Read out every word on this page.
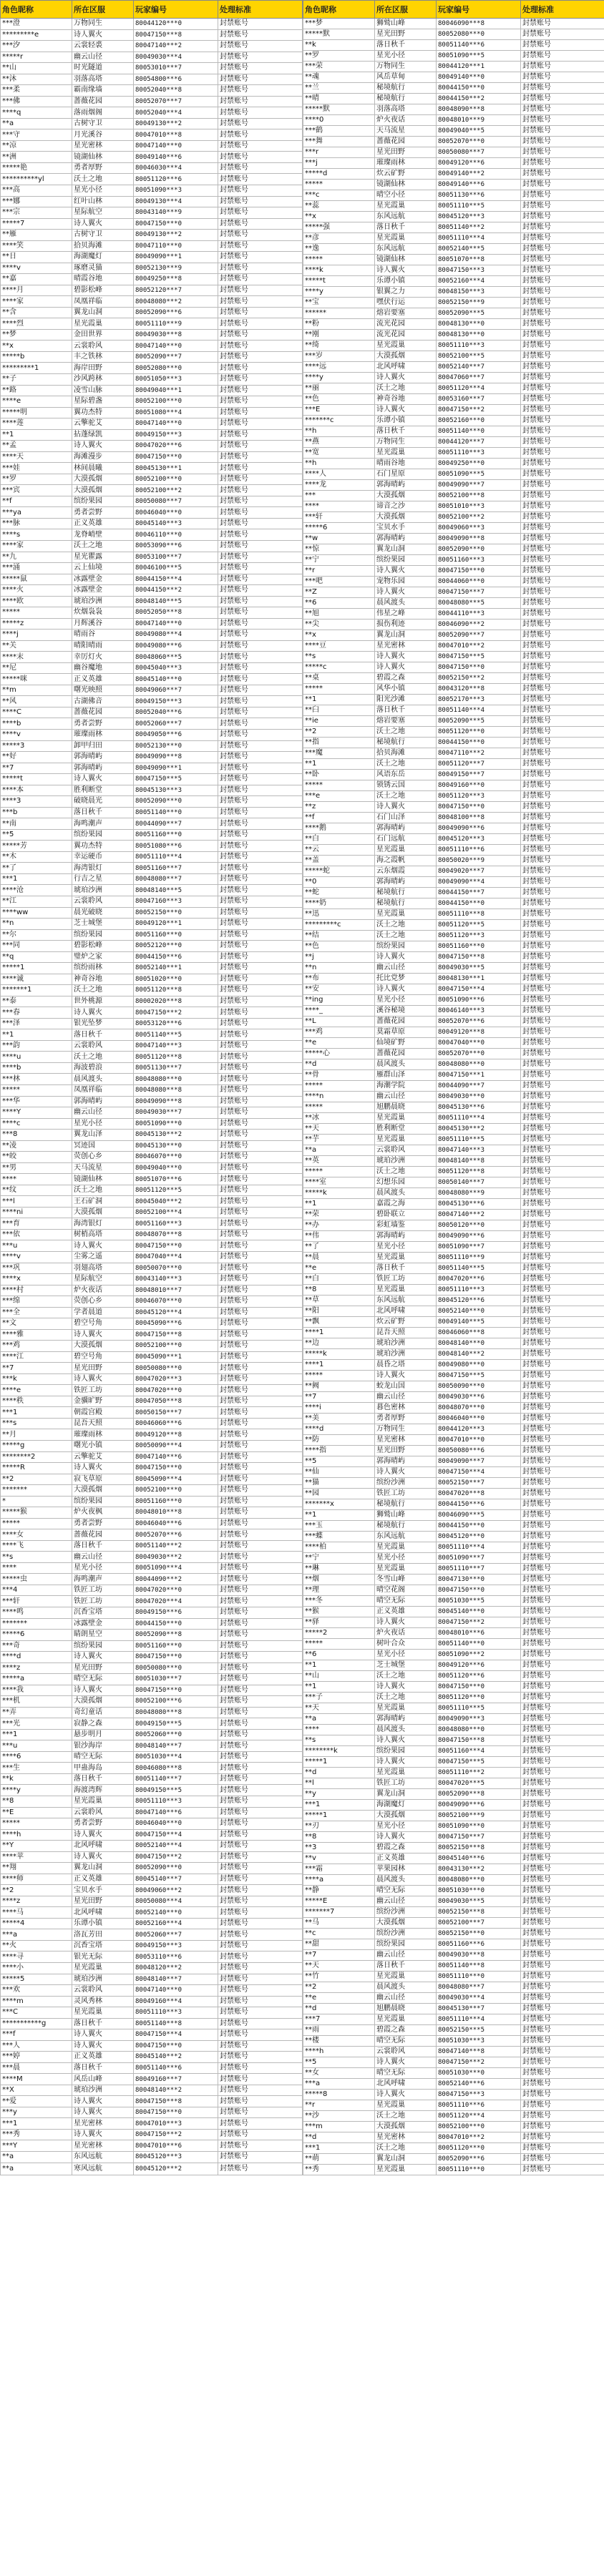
角色昵称	所在区服	玩家编号	处理标准
***澄	万物同生	80044120***0	封禁账号
*********e	诗人翼火	80047150***8	封禁账号
***汐	云裳轻裘	80047140***2	封禁账号
*****r	幽云山径	80049030***4	封禁账号
**山	时光隧道	80053010***7	封禁账号
**沐	羽落高塔	80054800***6	封禁账号
***柔	霸南缘墙	80052040***8	封禁账号
***佛	蔷薇花园	80052070***7	封禁账号
****q	落雨烟阁	80052040***4	封禁账号
**a	古树守卫	80049130***2	封禁账号
***守	月光溪谷	80047010***8	封禁账号
**凉	星光密林	80047140***0	封禁账号
**洲	镜湖仙林	80049140***6	封禁账号
*****艳	勇者厚野	80046030***4	封禁账号
**********yl	沃土之地	80051120***6	封禁账号
***高	星光小径	80051090***3	封禁账号
***娜	红叶山林	80049130***4	封禁账号
***宗	星际航空	80043140***9	封禁账号
*****7	诗人翼火	80047150***0	封禁账号
**雁	古树守卫	80049130***2	封禁账号
****笑	拾贝海滩	80047110***0	封禁账号
**日	海湖魔灯	80049090***1	封禁账号
****v	琢磨灵猫	80052130***9	封禁账号
**嘉	晴霞谷地	80049250***8	封禁账号
****月	碧影松峰	80052120***7	封禁账号
****家	凤凰祥临	80048080***2	封禁账号
**含	翼龙山洞	80052090***6	封禁账号
****烈	星光霞巢	80051110***9	封禁账号
**梦	金田世界	80049030***8	封禁账号
**x	云裳聆风	80047140***0	封禁账号
*****b	丰之铁林	80052090***7	封禁账号
*********1	海岸田野	80052080***0	封禁账号
**子	沙风跨林	80051050***3	封禁账号
**路	凌雪山脉	80049040***1	封禁账号
****e	星际碧盏	80052100***0	封禁账号
*****明	翼功杰特	80051080***4	封禁账号
****莲	云擎驼艾	80047140***0	封禁账号
**1	拈蓬绿凯	80049150***3	封禁账号
**孟	诗人翼火	80047020***6	封禁账号
****天	海滩漫步	80047150***0	封禁账号
***娃	林间晨曦	80045130***1	封禁账号
**罗	大漠孤烟	80052100***0	封禁账号
***宾	大漠孤烟	80052100***2	封禁账号
**f	缤纷果园	80050080***7	封禁账号
***ya	勇者尝野	80046040***0	封禁账号
***脉	正义英雄	80045140***3	封禁账号
****s	龙脊峭壁	80046110***0	封禁账号
****家	沃土之地	80053090***6	封禁账号
**九	星光瞿露	80053100***7	封禁账号
***涌	云上仙境	80046100***5	封禁账号
*****鼠	冰露壁金	80044150***4	封禁账号
****火	冰露壁金	80044150***2	封禁账号
****欧	琥珀沙洲	80048140***5	封禁账号
*****	炊烟袅袅	80052050***8	封禁账号
*****z	月辉溪谷	80047140***0	封禁账号
****j	晴雨谷	80049080***4	封禁账号
**关	晴阳晴雨	80049080***6	封禁账号
****末	幸厉灯火	80048060***5	封禁账号
**尼	幽谷魔地	80045040***3	封禁账号
*****咪	正义英雄	80045140***0	封禁账号
**m	曙光映照	80049060***7	封禁账号
**风	古湖佛音	80049150***3	封禁账号
****C	蔷薇花园	80052040***6	封禁账号
****b	勇者尝野	80052060***7	封禁账号
****v	璀璨雨林	80049050***6	封禁账号
*****3	卸甲归田	80052130***0	封禁账号
**好	郭海晴屿	80049090***8	封禁账号
**7	郭海晴屿	80049090***1	封禁账号
*****t	诗人翼火	80047150***5	封禁账号
****本	胜利断堂	80045130***3	封禁账号
****3	破晓晨光	80052090***0	封禁账号
***b	落日秋千	80051140***0	封禁账号
**南	海鸣潮声	80044090***7	封禁账号
**5	缤纷果园	80051160***0	封禁账号
*****芳	翼功杰特	80051080***6	封禁账号
**木	幸运硬币	80051110***4	封禁账号
**了	海湾银灯	80051160***7	封禁账号
***1	行吉之星	80048080***7	封禁账号
****沧	琥珀沙洲	80048140***5	封禁账号
**江	云裳聆风	80047160***3	封禁账号
****ww	晨光破晓	80052150***0	封禁账号
**n	芝士城堡	80049120***1	封禁账号
**尔	缤纷果园	80051160***0	封禁账号
***同	碧影松峰	80052120***0	封禁账号
**q	璧炉之家	80044150***6	封禁账号
*****1	缤纷雨林	80052140***1	封禁账号
****诚	神奇谷地	80051020***0	封禁账号
*******1	沃土之地	80051120***8	封禁账号
**泰	世外桃源	80002020***8	封禁账号
***春	诗人翼火	80047150***2	封禁账号
***泽	银光坠梦	80053120***6	封禁账号
**1	落日秋千	80051140***5	封禁账号
***韵	云裳聆风	80047140***3	封禁账号
****u	沃土之地	80051120***8	封禁账号
****b	海波碧浪	80051130***7	封禁账号
***林	晨风渡头	80048080***0	封禁账号
*****	凤凰祥临	80048080***8	封禁账号
***华	郭海晴屿	80049090***8	封禁账号
****Y	幽云山径	80049030***7	封禁账号
****c	星光小径	80051090***0	封禁账号
***8	翼龙山泽	80045130***2	封禁账号
**凌	冥迹国	80045130***0	封禁账号
**皎	荧创心乡	80046070***0	封禁账号
**男	天马流星	80049040***0	封禁账号
****	镜湖仙林	80051070***6	封禁账号
**纹	沃土之地	80051120***5	封禁账号
***l	王石矿洞	80045040***2	封禁账号
****ni	大漠孤烟	80052100***4	封禁账号
***育	海湾银灯	80051160***3	封禁账号
***依	树梢高塔	80048070***8	封禁账号
***u	诗人翼火	80047150***0	封禁账号
****v	尘雾之遥	80047040***4	封禁账号
***巩	羽翅高塔	80050070***0	封禁账号
****x	星际航空	80043140***3	封禁账号
****村	炉火夜话	80048010***7	封禁账号
***绵	荧创心乡	80046070***0	封禁账号
***全	学者晨道	80045120***4	封禁账号
**文	碧空号角	80045090***6	封禁账号
****雅	诗人翼火	80047150***8	封禁账号
***鸡	大漠孤烟	80052100***0	封禁账号
****江	碧空号角	80045090***1	封禁账号
**7	星光田野	80050080***0	封禁账号
***k	诗人翼火	80047020***3	封禁账号
****e	铁匠工坊	80047020***0	封禁账号
****秩	金骥旷野	80047050***8	封禁账号
***1	朝霞宫殿	80050150***7	封禁账号
***s	昆吾天照	80046060***6	封禁账号
**月	璀璨雨林	80049120***8	封禁账号
*****g	曙光小镇	80050090***4	封禁账号
********2	云擎驼艾	80047140***6	封禁账号
*****R	诗人翼火	80047150***0	封禁账号
**2	寂飞草原	80045090***4	封禁账号
*******	大漠孤烟	80052100***0	封禁账号
*	缤纷果园	80051160***0	封禁账号
*****猴	炉火夜枫	80048010***8	封禁账号
*****	勇者尝野	80046040***6	封禁账号
****女	蔷薇花园	80052070***6	封禁账号
****飞	落日秋千	80051140***2	封禁账号
**s	幽云山径	80049030***2	封禁账号
****	星光小径	80051090***4	封禁账号
*****虫	海鸣潮声	80044090***2	封禁账号
***4	铁匠工坊	80047020***0	封禁账号
***轩	铁匠工坊	80047020***4	封禁账号
****鸣	沉香宝塔	80049150***6	封禁账号
*******	冰露壁金	80044150***0	封禁账号
*****6	睛朗星空	80052090***8	封禁账号
***奇	缤纷果园	80051160***0	封禁账号
****d	诗人翼火	80047150***0	封禁账号
****z	星光田野	80050080***0	封禁账号
*****a	晴空无际	80051030***7	封禁账号
****我	诗人翼火	80047150***0	封禁账号
***机	大漠孤烟	80052100***6	封禁账号
**弄	奇幻童话	80048080***8	封禁账号
***光	寂静之森	80049150***5	封禁账号
***1	悬步明月	80052060***0	封禁账号
***u	银沙海岸	80048140***7	封禁账号
****6	晴空无际	80051030***4	封禁账号
***生	甲蛊海岛	80046080***8	封禁账号
**k	落日秋千	80051140***7	封禁账号
****y	海渡湾辉	80049150***5	封禁账号
**8	星光霞巢	80051110***3	封禁账号
**E	云裳聆风	80047140***6	封禁账号
*****	勇者尝野	80046040***0	封禁账号
****h	诗人翼火	80047150***4	封禁账号
**Y	北风呼啸	80052140***4	封禁账号
****苹	诗人翼火	80047150***2	封禁账号
**翔	翼龙山洞	80052090***0	封禁账号
****师	正义英雄	80045140***7	封禁账号
**2	宝贝水手	80049060***2	封禁账号
****z	星光田野	80050080***4	封禁账号
****马	北风呼啸	80052140***0	封禁账号
*****4	乐谭小镇	80052160***4	封禁账号
***a	洛瓦芳田	80052060***7	封禁账号
**火	沉香宝塔	80049150***3	封禁账号
****寻	银光无际	80053110***6	封禁账号
****小	星光霞巢	80048120***2	封禁账号
*****5	琥珀沙洲	80048140***7	封禁账号
***欢	云裳聆风	80047140***0	封禁账号
****m	灵风秀林	80049160***4	封禁账号
***C	星光霞巢	80051110***3	封禁账号
***********g	落日秋千	80051140***8	封禁账号
***f	诗人翼火	80047150***4	封禁账号
***人	诗人翼火	80047150***0	封禁账号
***婷	正义英雄	80045140***2	封禁账号
***晨	落日秋千	80051140***6	封禁账号
****M	风岳山峰	80049160***7	封禁账号
**X	琥珀沙洲	80048140***2	封禁账号
**爱	诗人翼火	80047150***8	封禁账号
***y	诗人翼火	80047150***0	封禁账号
***1	星光密林	80047010***3	封禁账号
***秀	诗人翼火	80047150***2	封禁账号
***Y	星光密林	80047010***6	封禁账号
**a	东风远航	80045120***3	封禁账号
**a	寒风远航	80045120***2	封禁账号
角色昵称	所在区服	玩家编号	处理标准
***梦	狮鹫山峰	80046090***8	封禁账号
*****默	星光田野	80052080***0	封禁账号
**k	落日秋千	80051140***6	封禁账号
**罗	星光小径	80051090***5	封禁账号
***荣	万物同生	80044120***1	封禁账号
**魂	风岳草甸	80049140***0	封禁账号
**兰	秘境航行	80044150***0	封禁账号
**晴	秘境航行	80044150***2	封禁账号
*****默	羽落高塔	80048090***8	封禁账号
****0	炉火夜话	80048010***9	封禁账号
***鹤	天马流星	80049040***5	封禁账号
***舞	蔷薇花园	80052070***0	封禁账号
***r	星光田野	80050080***7	封禁账号
***j	璀璨雨林	80049120***6	封禁账号
*****d	炊云矿野	80049140***2	封禁账号
*****	镜湖仙林	80049140***6	封禁账号
***c	晴空小径	80051130***6	封禁账号
**蕊	星光霞巢	80051110***5	封禁账号
**x	东风远航	80045120***3	封禁账号
*****强	落日秋千	80051140***2	封禁账号
**彦	星光霞巢	80051110***4	封禁账号
**逸	东风远航	80052140***5	封禁账号
*****	镜湖仙林	80051070***8	封禁账号
****k	诗人翼火	80047150***3	封禁账号
*****t	乐谭小镇	80052160***4	封禁账号
****y	银翼之力	80048150***3	封禁账号
**宝	嘿伏行运	80052150***9	封禁账号
******	熔岩要塞	80052090***5	封禁账号
**粉	流光花园	80048130***0	封禁账号
**刚	流光花园	80048130***0	封禁账号
**绮	星光霞巢	80051110***3	封禁账号
***岁	大漠孤烟	80052100***5	封禁账号
****远	北风呼啸	80052140***7	封禁账号
****y	诗人翼火	80047060***7	封禁账号
**丽	沃土之地	80051120***4	封禁账号
**色	神奇谷地	80053160***7	封禁账号
***E	诗人翼火	80047150***2	封禁账号
*******c	乐谭小镇	80052160***0	封禁账号
**h	落日秋千	80051140***0	封禁账号
**燕	万物同生	80044120***7	封禁账号
**宽	星光霞巢	80051110***3	封禁账号
**h	晴雨谷地	80049250***0	封禁账号
****人	石门星原	80051090***5	封禁账号
****龙	郭海晴屿	80049090***7	封禁账号
***	大漠孤烟	80052100***8	封禁账号
****	谛音之沙	80051010***3	封禁账号
***轩	大漠孤烟	80052100***2	封禁账号
*****6	宝贝水手	80049060***3	封禁账号
**w	郭海晴屿	80049090***8	封禁账号
**惊	翼龙山洞	80052090***0	封禁账号
**宁	缤纷果园	80051160***3	封禁账号
**r	诗人翼火	80047150***0	封禁账号
***吧	宠物乐园	80044060***0	封禁账号
**Z	诗人翼火	80047150***7	封禁账号
**6	晨风渡头	80048080***5	封禁账号
**旭	伟星之峰	80044110***3	封禁账号
**尖	损伤利迹	80046090***2	封禁账号
**x	翼龙山洞	80052090***7	封禁账号
****豆	星光密林	80047010***2	封禁账号
**s	诗人翼火	80047150***5	封禁账号
*****c	诗人翼火	80047150***0	封禁账号
**桌	碧霞之森	80052150***2	封禁账号
*****	风华小镇	80043120***8	封禁账号
**1	阳光沙滩	80052170***3	封禁账号
**臼	落日秋千	80051140***4	封禁账号
**ie	熔岩要塞	80052090***5	封禁账号
**2	沃土之地	80051120***0	封禁账号
**指	秘境航行	80044150***0	封禁账号
***魔	拾贝海滩	80047110***2	封禁账号
**1	沃土之地	80051120***7	封禁账号
**卧	风语东岳	80049150***7	封禁账号
*****	锁锈云国	80049160***0	封禁账号
***e	沃土之地	80051120***3	封禁账号
**z	诗人翼火	80047150***0	封禁账号
**f	石门山泽	80048100***8	封禁账号
****鹅	郭海晴屿	80049090***6	封禁账号
**白	石门远航	80045120***3	封禁账号
**云	星光霞巢	80051110***6	封禁账号
**盖	海之霞帆	80050020***9	封禁账号
*****蛇	云东烟霞	80049020***7	封禁账号
**0	郭海晴屿	80049090***4	封禁账号
**蛇	秘境航行	80044150***7	封禁账号
****奶	秘境航行	80044150***0	封禁账号
**迅	星光霞巢	80051110***8	封禁账号
*********c	沃土之地	80051120***5	封禁账号
**结	沃土之地	80051120***3	封禁账号
**色	缤纷果园	80051160***0	封禁账号
**j	诗人翼火	80047150***8	封禁账号
**n	幽云山径	80049030***5	封禁账号
**布	托比党梦	80048130***1	封禁账号
**安	诗人翼火	80047150***4	封禁账号
**ing	星光小径	80051090***6	封禁账号
****_	溪谷秘境	80046140***3	封禁账号
**L	蔷薇花园	80052070***6	封禁账号
***鸡	莫霜草原	80049120***8	封禁账号
**e	仙境矿野	80047040***0	封禁账号
*****心	蔷薇花园	80052070***0	封禁账号
**d	晨风渡头	80048080***0	封禁账号
**骨	雁群山泽	80047150***1	封禁账号
*****	海潮学院	80044090***7	封禁账号
****n	幽云山径	80049030***0	封禁账号
*****	旭鹏晨晓	80045130***6	封禁账号
**冰	星光霞巢	80051110***4	封禁账号
**天	胜利断堂	80045130***2	封禁账号
**芋	星光霞巢	80051110***5	封禁账号
**a	云裳聆风	80047140***3	封禁账号
**英	琥珀沙洲	80048140***8	封禁账号
*****	沃土之地	80051120***8	封禁账号
****室	幻想乐园	80050140***7	封禁账号
*****k	晨风渡头	80048080***9	封禁账号
**1	嘉霞之海	80045130***6	封禁账号
**荣	碧卧联立	80047140***2	封禁账号
**办	彩虹墙鉴	80050120***0	封禁账号
**伟	郭海晴屿	80049090***6	封禁账号
**了	星光小径	80051090***7	封禁账号
**晨	星光霞巢	80051110***9	封禁账号
**e	落日秋千	80051140***5	封禁账号
**白	铁匠工坊	80047020***6	封禁账号
**8	星光霞巢	80051110***3	封禁账号
**草	东风远航	80045120***6	封禁账号
**阳	北风呼啸	80052140***0	封禁账号
**飘	炊云矿野	80049140***5	封禁账号
****1	昆吾天照	80046060***8	封禁账号
**边	琥珀沙洲	80048140***0	封禁账号
*****k	琥珀沙洲	80048140***2	封禁账号
****1	晨昏之塔	80049080***0	封禁账号
*****	诗人翼火	80047150***5	封禁账号
**阙	蛟龙山国	80050090***0	封禁账号
**7	幽云山径	80049030***6	封禁账号
****i	暮色密林	80048070***0	封禁账号
**美	勇者厚野	80046040***0	封禁账号
****d	万物同生	80044120***3	封禁账号
**防	星光密林	80047010***0	封禁账号
****指	星光田野	80050080***6	封禁账号
**5	郭海晴屿	80049090***7	封禁账号
**仙	诗人翼火	80047150***4	封禁账号
**猫	缤纷沙洲	80052150***7	封禁账号
**园	铁匠工坊	80047020***8	封禁账号
*******x	秘境航行	80044150***6	封禁账号
**1	狮鹫山峰	80046090***5	封禁账号
***玉	秘境航行	80044150***0	封禁账号
***蝶	东风远航	80045120***0	封禁账号
****柏	星光霞巢	80051110***4	封禁账号
**宁	星光小径	80051090***7	封禁账号
**琳	星光霞巢	80051110***7	封禁账号
**烟	冬雪山峰	80047130***0	封禁账号
**理	晴空花阁	80047150***0	封禁账号
***冬	晴空无际	80051030***5	封禁账号
**猴	正义英雄	80045140***0	封禁账号
**驿	诗人翼火	80047150***2	封禁账号
*****2	炉火夜话	80048010***6	封禁账号
*****	树叶合众	80051140***0	封禁账号
**6	星光小径	80051090***2	封禁账号
**1	芝士城堡	80049120***6	封禁账号
**山	沃土之地	80051120***6	封禁账号
**1	诗人翼火	80047150***0	封禁账号
***子	沃土之地	80051120***0	封禁账号
**天	星光霞巢	80051110***5	封禁账号
**a	郭海晴屿	80049090***3	封禁账号
****	晨风渡头	80048080***0	封禁账号
**s	诗人翼火	80047150***8	封禁账号
********k	缤纷果园	80051160***4	封禁账号
*****1	诗人翼火	80047150***5	封禁账号
**d	星光霞巢	80051110***2	封禁账号
**l	铁匠工坊	80047020***5	封禁账号
**y	翼龙山洞	80052090***8	封禁账号
***1	海湖魔灯	80049090***6	封禁账号
*****1	大漠孤烟	80052100***9	封禁账号
**刃	星光小径	80051090***0	封禁账号
**8	诗人翼火	80047150***7	封禁账号
**3	碧霞之森	80052150***8	封禁账号
**v	正义英雄	80045140***6	封禁账号
***霜	苹果园林	80043130***2	封禁账号
****a	晨风渡头	80048080***0	封禁账号
**静	晴空无际	80051030***0	封禁账号
*****E	幽云山径	80049030***5	封禁账号
*******7	缤纷沙洲	80052150***8	封禁账号
**马	大漠孤烟	80052100***7	封禁账号
**c	缤纷沙洲	80052150***0	封禁账号
**甜	缤纷果园	80051160***6	封禁账号
**7	幽云山径	80049030***8	封禁账号
**天	落日秋千	80051140***8	封禁账号
**竹	星光霞巢	80051110***0	封禁账号
**2	晨风渡头	80048080***7	封禁账号
**e	幽云山径	80049030***4	封禁账号
**d	旭鹏晨晓	80045130***7	封禁账号
***7	星光霞巢	80051110***4	封禁账号
**雨	碧霞之森	80052150***5	封禁账号
**楼	晴空无际	80051030***3	封禁账号
****h	云裳聆风	80047140***8	封禁账号
**5	诗人翼火	80047150***2	封禁账号
**女	晴空无际	80051030***0	封禁账号
***a	北风呼啸	80052140***6	封禁账号
*****8	诗人翼火	80047150***3	封禁账号
**r	星光霞巢	80051110***6	封禁账号
**沙	沃土之地	80051120***4	封禁账号
***m	大漠孤烟	80052100***0	封禁账号
**d	星光密林	80047010***2	封禁账号
***1	沃土之地	80051120***0	封禁账号
**萌	翼龙山洞	80052090***6	封禁账号
**秀	星光霞巢	80051110***0	封禁账号
